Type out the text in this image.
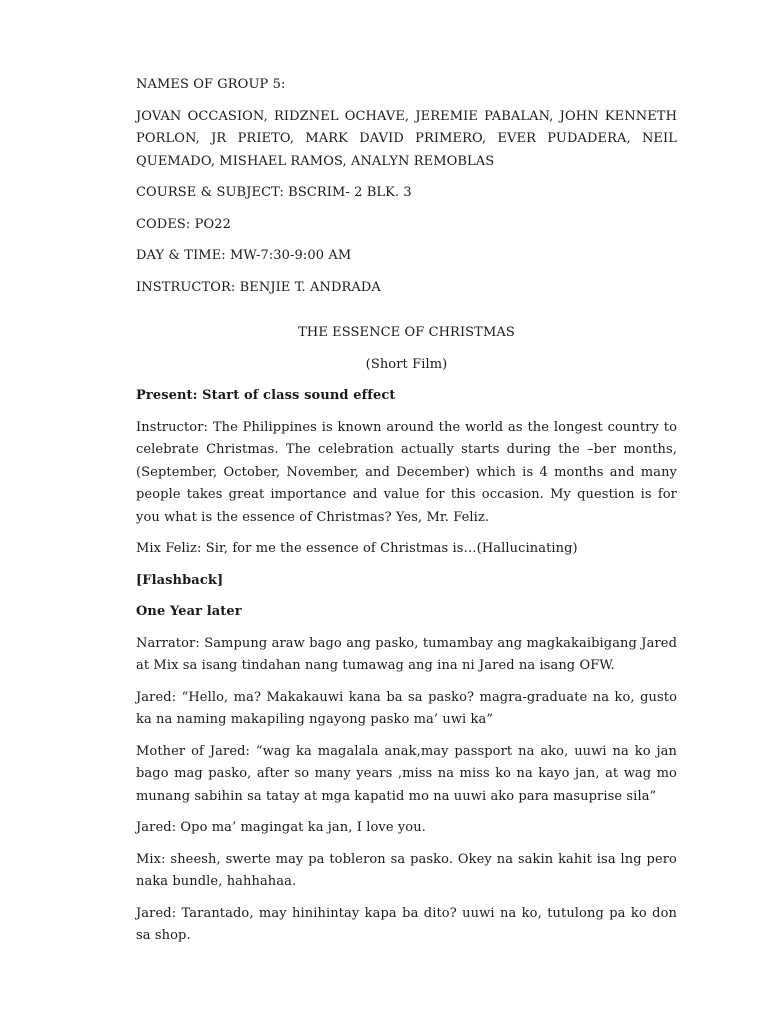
NAMES OF GROUP 5:

JOVAN OCCASION, RIDZNEL OCHAVE, JEREMIE PABALAN, JOHN KENNETH PORLON, JR PRIETO, MARK DAVID PRIMERO, EVER PUDADERA, NEIL QUEMADO, MISHAEL RAMOS, ANALYN REMOBLAS

COURSE & SUBJECT: BSCRIM- 2 BLK. 3

CODES: PO22

DAY & TIME: MW-7:30-9:00 AM

INSTRUCTOR: BENJIE T. ANDRADA

THE ESSENCE OF CHRISTMAS

(Short Film)

Present: Start of class sound effect

Instructor: The Philippines is known around the world as the longest country to celebrate Christmas. The celebration actually starts during the –ber months, (September, October, November, and December) which is 4 months and many people takes great importance and value for this occasion. My question is for you what is the essence of Christmas? Yes, Mr. Feliz.

Mix Feliz: Sir, for me the essence of Christmas is…(Hallucinating)

[Flashback]

One Year later

Narrator: Sampung araw bago ang pasko, tumambay ang magkakaibigang Jared at Mix sa isang tindahan nang tumawag ang ina ni Jared na isang OFW.

Jared: “Hello, ma? Makakauwi kana ba sa pasko? magra-graduate na ko, gusto ka na naming makapiling ngayong pasko ma’ uwi ka”

Mother of Jared: “wag ka magalala anak,may passport na ako, uuwi na ko jan bago mag pasko, after so many years ,miss na miss ko na kayo jan, at wag mo munang sabihin sa tatay at mga kapatid mo na uuwi ako para masuprise sila”

Jared: Opo ma’ magingat ka jan, I love you.

Mix: sheesh, swerte may pa tobleron sa pasko. Okey na sakin kahit isa lng pero naka bundle, hahhahaa.

Jared: Tarantado, may hinihintay kapa ba dito? uuwi na ko, tutulong pa ko don sa shop.
